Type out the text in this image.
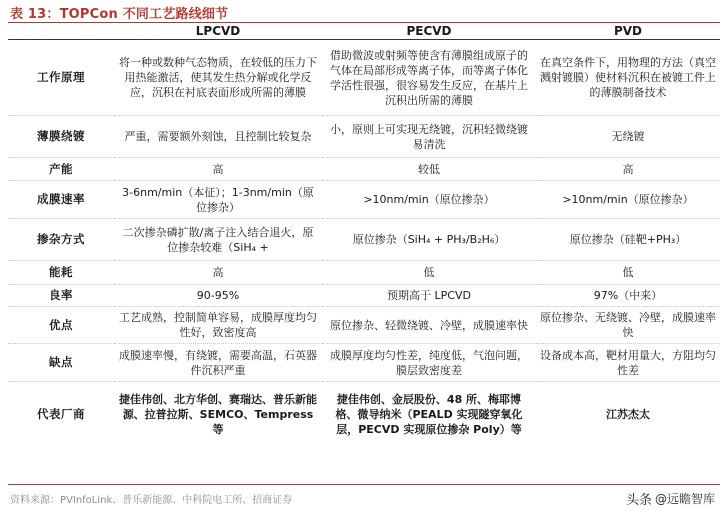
表 13：TOPCon 不同工艺路线细节
	LPCVD	PECVD	PVD
工作原理	将一种或数种气态物质，在较低的压力下用热能激活，使其发生热分解或化学反应，沉积在衬底表面形成所需的薄膜	借助微波或射频等使含有薄膜组成原子的气体在局部形成等离子体，而等离子体化学活性很强，很容易发生反应，在基片上沉积出所需的薄膜	在真空条件下，用物理的方法（真空溅射镀膜）使材料沉积在被镀工件上的薄膜制备技术
薄膜绕镀	严重，需要额外刻蚀，且控制比较复杂	小，原则上可实现无绕镀，沉积轻微绕镀易清洗	无绕镀
产能	高	较低	高
成膜速率	3-6nm/min（本征）；1-3nm/min（原位掺杂）	>10nm/min（原位掺杂）	>10nm/min（原位掺杂）
掺杂方式	二次掺杂磷扩散/离子注入结合退火，原位掺杂较难（SiH₄ +	原位掺杂（SiH₄ + PH₃/B₂H₆）	原位掺杂（硅靶+PH₃）
能耗	高	低	低
良率	90-95%	预期高于 LPCVD	97%（中来）
优点	工艺成熟，控制简单容易，成膜厚度均匀性好，致密度高	原位掺杂、轻微绕镀、冷壁，成膜速率快	原位掺杂、无绕镀、冷壁，成膜速率快
缺点	成膜速率慢，有绕镀，需要高温，石英器件沉积严重	成膜厚度均匀性差，纯度低，气泡问题，膜层致密度差	设备成本高，靶材用量大，方阻均匀性差
代表厂商	捷佳伟创、北方华创、赛瑞达、普乐新能源、拉普拉斯、SEMCO、Tempress 等	捷佳伟创、金辰股份、48 所、梅耶博格、微导纳米（PEALD 实现隧穿氧化层，PECVD 实现原位掺杂 Poly）等	江苏杰太
资料来源：PVInfoLink、普乐新能源、中科院电工所、招商证券	头条 @远瞻智库
